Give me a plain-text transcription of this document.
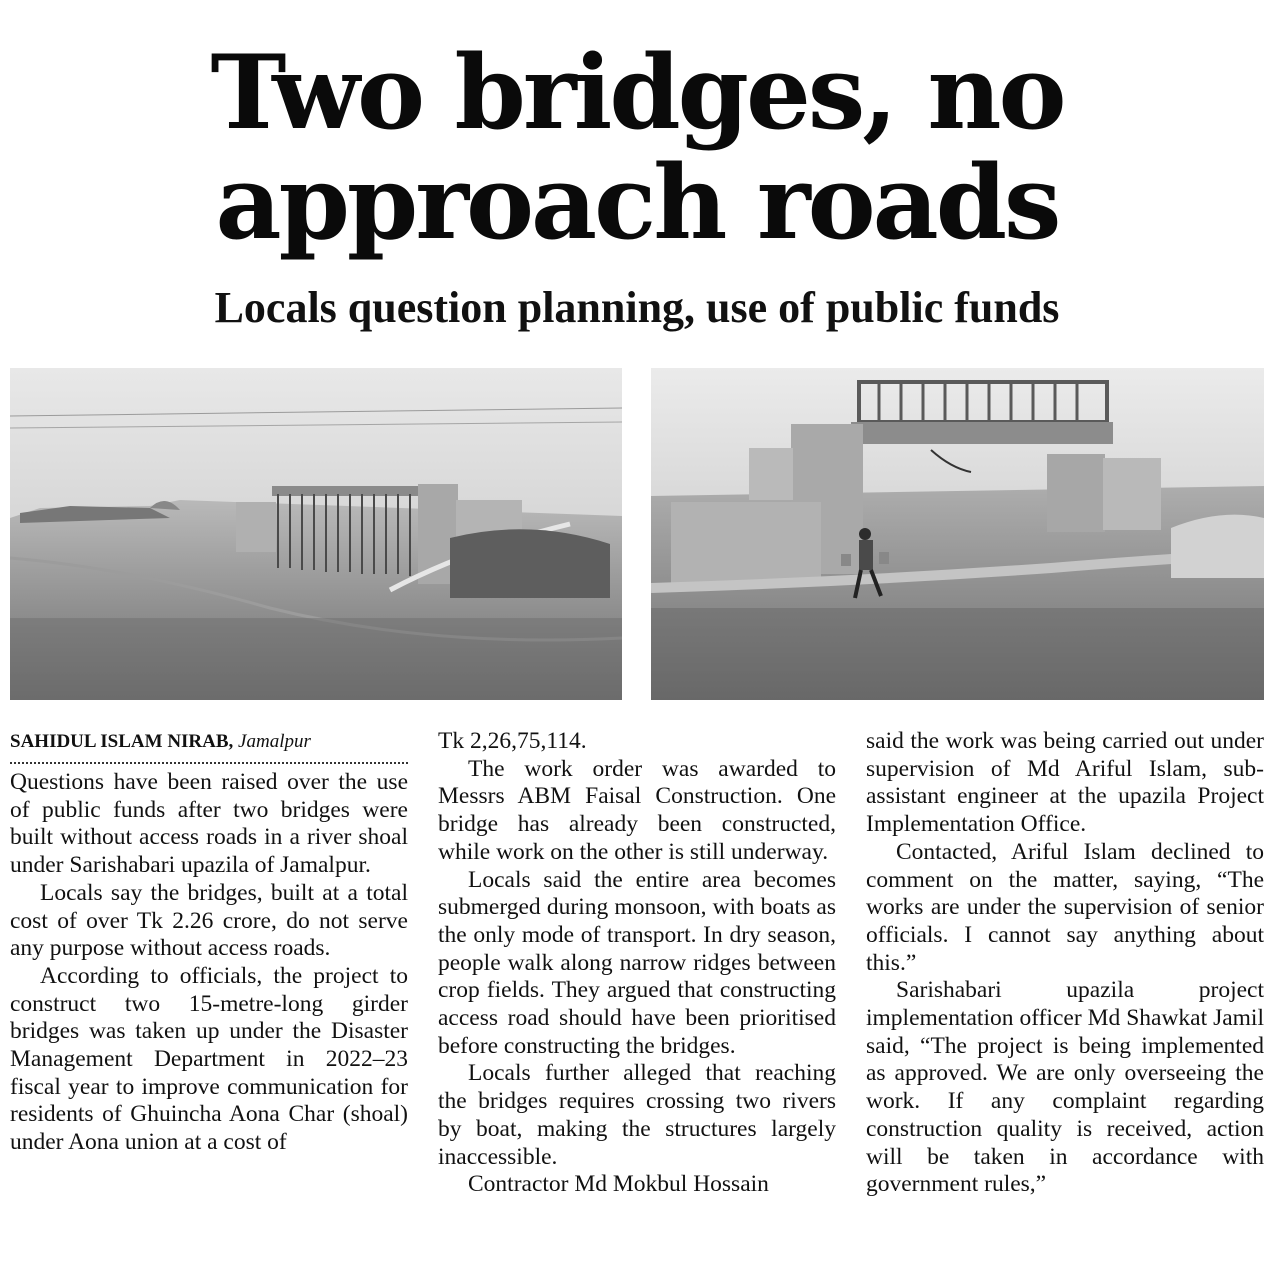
Two bridges, no
approach roads
Locals question planning, use of public funds
SAHIDUL ISLAM NIRAB, Jamalpur

Questions have been raised over the use of public funds after two bridges were built without access roads in a river shoal under Sarishabari upazila of Jamalpur.

Locals say the bridges, built at a total cost of over Tk 2.26 crore, do not serve any purpose without access roads.

According to officials, the project to construct two 15-metre-long girder bridges was taken up under the Disaster Management Department in 2022–23 fiscal year to improve communication for residents of Ghuincha Aona Char (shoal) under Aona union at a cost of

Tk 2,26,75,114.

The work order was awarded to Messrs ABM Faisal Construction. One bridge has already been constructed, while work on the other is still underway.

Locals said the entire area becomes submerged during monsoon, with boats as the only mode of transport. In dry season, people walk along narrow ridges between crop fields. They argued that constructing access road should have been prioritised before constructing the bridges.

Locals further alleged that reaching the bridges requires crossing two rivers by boat, making the structures largely inaccessible.

Contractor Md Mokbul Hossain

said the work was being carried out under supervision of Md Ariful Islam, sub-assistant engineer at the upazila Project Implementation Office.

Contacted, Ariful Islam declined to comment on the matter, saying, “The works are under the supervision of senior officials. I cannot say anything about this.”

Sarishabari upazila project implementation officer Md Shawkat Jamil said, “The project is being implemented as approved. We are only overseeing the work. If any complaint regarding construction quality is received, action will be taken in accordance with government rules,”
